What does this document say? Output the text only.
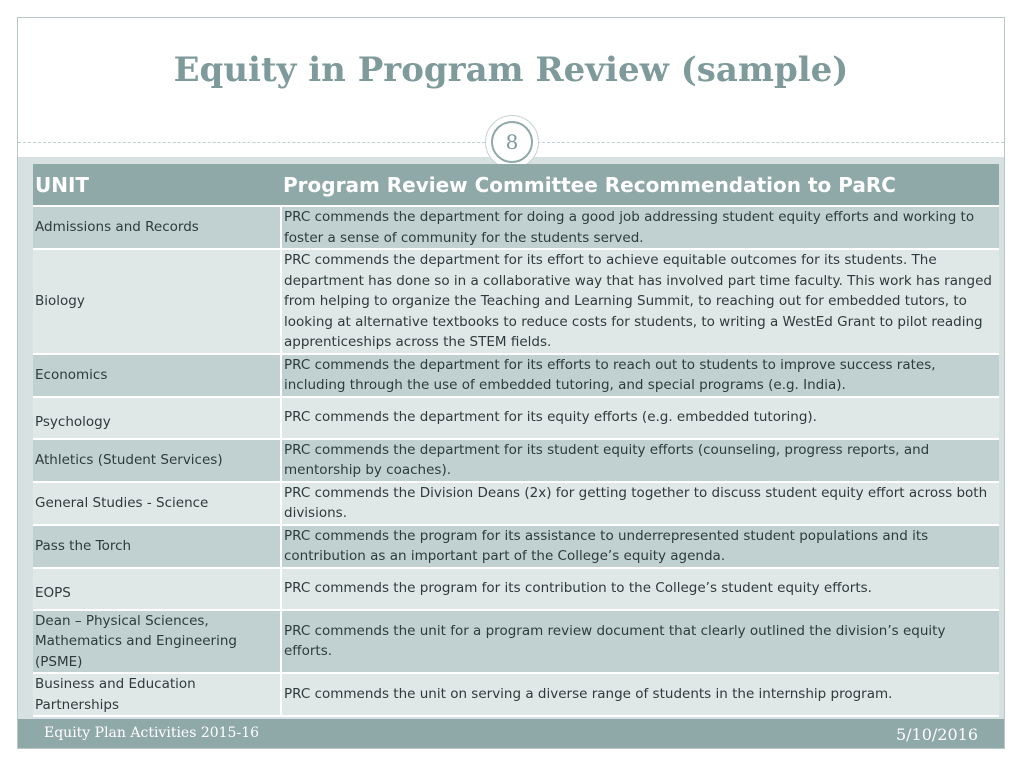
Equity in Program Review (sample)
8
UNIT	Program Review Committee Recommendation to PaRC
Admissions and Records	PRC commends the department for doing a good job addressing student equity efforts and working to foster a sense of community for the students served.
Biology	PRC commends the department for its effort to achieve equitable outcomes for its students. The department has done so in a collaborative way that has involved part time faculty. This work has ranged from helping to organize the Teaching and Learning Summit, to reaching out for embedded tutors, to looking at alternative textbooks to reduce costs for students, to writing a WestEd Grant to pilot reading apprenticeships across the STEM fields.
Economics	PRC commends the department for its efforts to reach out to students to improve success rates, including through the use of embedded tutoring, and special programs (e.g. India).
Psychology	PRC commends the department for its equity efforts (e.g. embedded tutoring).
Athletics (Student Services)	PRC commends the department for its student equity efforts (counseling, progress reports, and mentorship by coaches).
General Studies - Science	PRC commends the Division Deans (2x) for getting together to discuss student equity effort across both divisions.
Pass the Torch	PRC commends the program for its assistance to underrepresented student populations and its contribution as an important part of the College’s equity agenda.
EOPS	PRC commends the program for its contribution to the College’s student equity efforts.
Dean – Physical Sciences, Mathematics and Engineering (PSME)	PRC commends the unit for a program review document that clearly outlined the division’s equity efforts.
Business and Education Partnerships	PRC commends the unit on serving a diverse range of students in the internship program.
Equity Plan Activities 2015-16	5/10/2016
